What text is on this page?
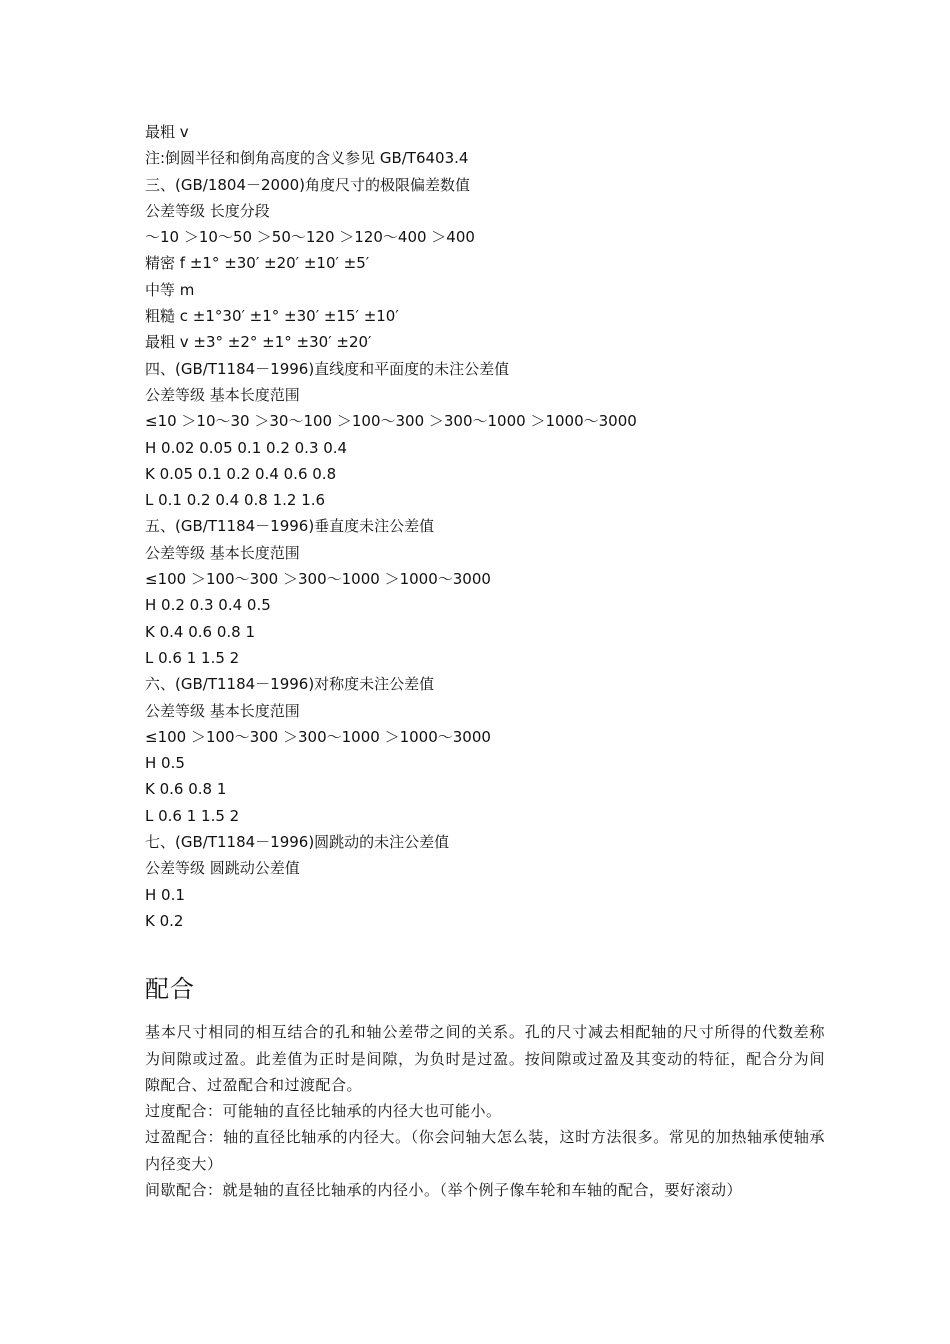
最粗 v
注:倒圆半径和倒角高度的含义参见 GB/T6403.4
三、(GB/1804－2000)角度尺寸的极限偏差数值
公差等级 长度分段
～10 ＞10～50 ＞50～120 ＞120～400 ＞400
精密 f ±1° ±30′ ±20′ ±10′ ±5′
中等 m
粗糙 c ±1°30′ ±1° ±30′ ±15′ ±10′
最粗 v ±3° ±2° ±1° ±30′ ±20′
四、(GB/T1184－1996)直线度和平面度的未注公差值
公差等级 基本长度范围
≤10 ＞10～30 ＞30～100 ＞100～300 ＞300～1000 ＞1000～3000
H 0.02 0.05 0.1 0.2 0.3 0.4
K 0.05 0.1 0.2 0.4 0.6 0.8
L 0.1 0.2 0.4 0.8 1.2 1.6
五、(GB/T1184－1996)垂直度未注公差值
公差等级 基本长度范围
≤100 ＞100～300 ＞300～1000 ＞1000～3000
H 0.2 0.3 0.4 0.5
K 0.4 0.6 0.8 1
L 0.6 1 1.5 2
六、(GB/T1184－1996)对称度未注公差值
公差等级 基本长度范围
≤100 ＞100～300 ＞300～1000 ＞1000～3000
H 0.5
K 0.6 0.8 1
L 0.6 1 1.5 2
七、(GB/T1184－1996)圆跳动的未注公差值
公差等级 圆跳动公差值
H 0.1
K 0.2
配合
基本尺寸相同的相互结合的孔和轴公差带之间的关系。孔的尺寸减去相配轴的尺寸所得的代数差称为间隙或过盈。此差值为正时是间隙，为负时是过盈。按间隙或过盈及其变动的特征，配合分为间隙配合、过盈配合和过渡配合。
过度配合：可能轴的直径比轴承的内径大也可能小。
过盈配合：轴的直径比轴承的内径大。（你会问轴大怎么装，这时方法很多。常见的加热轴承使轴承内径变大）
间歇配合：就是轴的直径比轴承的内径小。（举个例子像车轮和车轴的配合，要好滚动）
